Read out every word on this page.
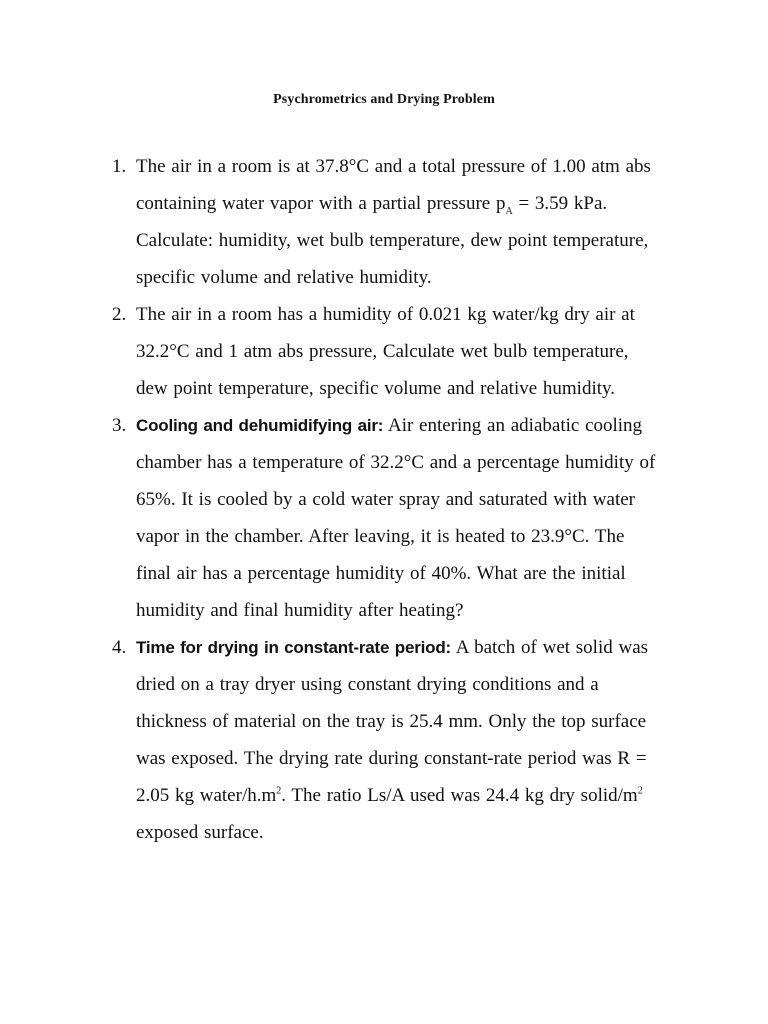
Psychrometrics and Drying Problem
1. The air in a room is at 37.8°C and a total pressure of 1.00 atm abs containing water vapor with a partial pressure $p_A = 3.59$ kPa. Calculate: humidity, wet bulb temperature, dew point temperature, specific volume and relative humidity.
2. The air in a room has a humidity of 0.021 kg water/kg dry air at 32.2°C and 1 atm abs pressure, Calculate wet bulb temperature, dew point temperature, specific volume and relative humidity.
3. Cooling and dehumidifying air: Air entering an adiabatic cooling chamber has a temperature of 32.2°C and a percentage humidity of 65%. It is cooled by a cold water spray and saturated with water vapor in the chamber. After leaving, it is heated to 23.9°C. The final air has a percentage humidity of 40%. What are the initial humidity and final humidity after heating?
4. Time for drying in constant-rate period: A batch of wet solid was dried on a tray dryer using constant drying conditions and a thickness of material on the tray is 25.4 mm. Only the top surface was exposed. The drying rate during constant-rate period was R = 2.05 kg water/$h.m^2$. The ratio Ls/A used was 24.4 kg dry solid/$m^2$ exposed surface.
